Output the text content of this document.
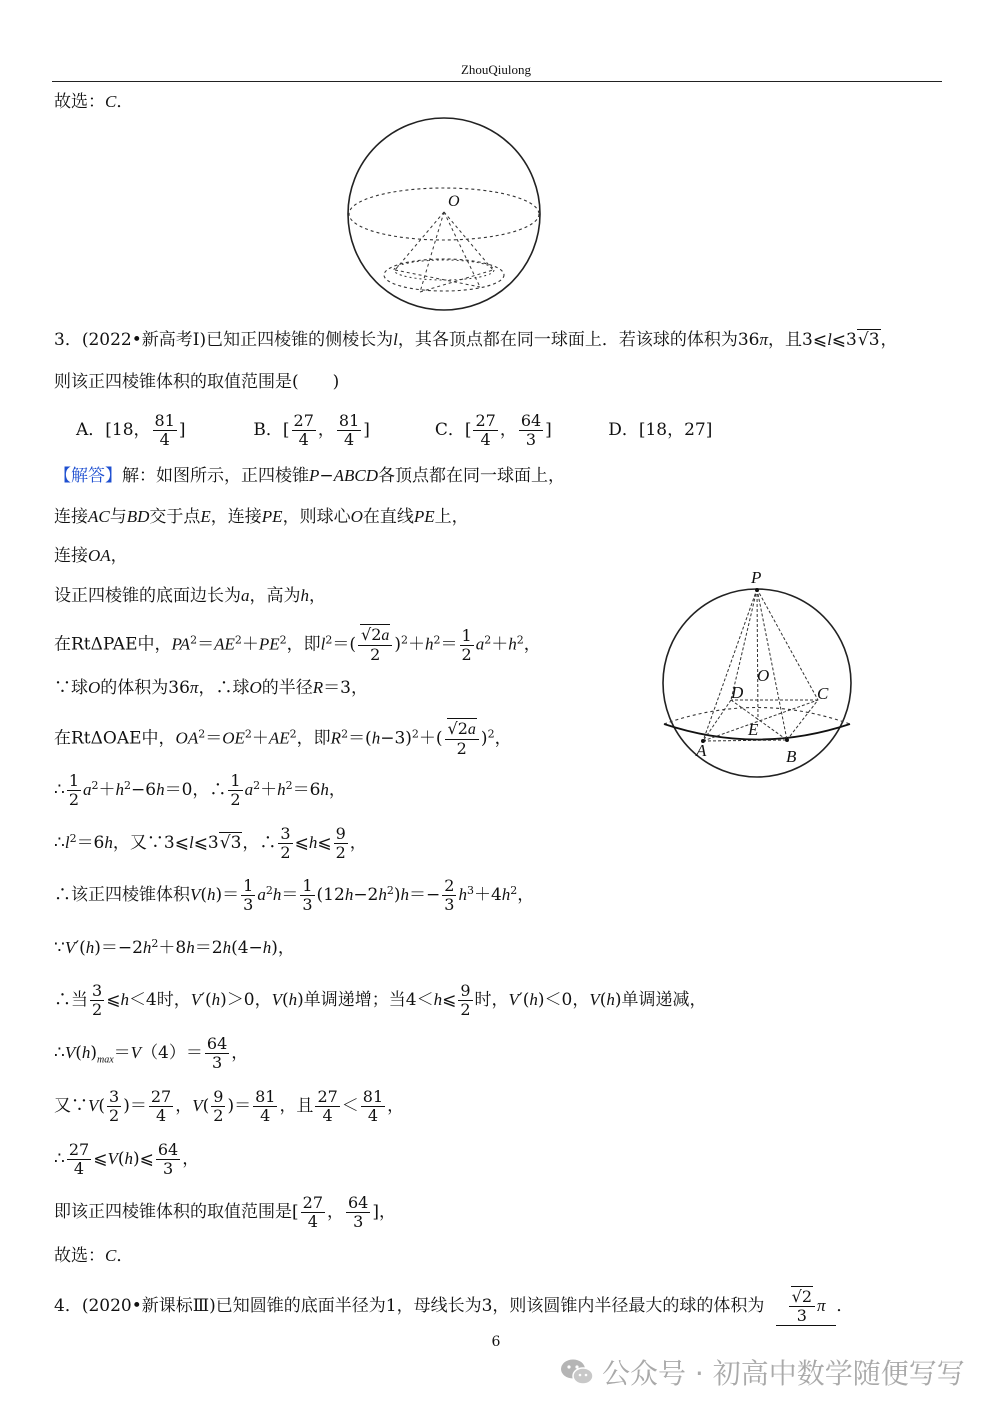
ZhouQiulong
故选：C．
O
3．(2022•新高考Ⅰ)已知正四棱锥的侧棱长为l，其各顶点都在同一球面上．若该球的体积为36π，且3⩽l⩽3√3，
则该正四棱锥体积的取值范围是(　　)
A．[18， $\frac{81}{4}$ ]	B．[ $\frac{27}{4}$ ， $\frac{81}{4}$ ]	C．[ $\frac{27}{4}$ ， $\frac{64}{3}$ ]	D．[18，27]
【解答】解：如图所示，正四棱锥P−ABCD各顶点都在同一球面上，
连接AC与BD交于点E，连接PE，则球心O在直线PE上，
连接OA，
设正四棱锥的底面边长为a，高为h，
在RtΔPAE中，$PA^2=AE^2+PE^2$，即$l^2=( \frac{√2a}{2} )^2+h^2= \frac{1}{2} a^2+h^2$，
∵球O的体积为36π，∴球O的半径R＝3，
在RtΔOAE中，$OA^2=OE^2+AE^2$，即$R^2=(h-3)^2+( \frac{√2a}{2} )^2$，
∴ $\frac{1}{2} a^2+h^2-6h=0$，∴ $\frac{1}{2} a^2+h^2=6h$，
$\therefore l^2=6h$，又∵3⩽l⩽3√3，∴ $\frac{3}{2}$ ⩽h⩽ $\frac{9}{2}$ ，
∴该正四棱锥体积$V(h)= \frac{1}{3} a^2h= \frac{1}{3} (12h-2h^2)h=- \frac{2}{3} h^3+4h^2$，
$\because V'(h)=-2h^2+8h=2h(4-h)$，
∴当 $\frac{3}{2}$ ⩽h＜4时，V′(h)＞0，V(h)单调递增；当4＜h⩽ $\frac{9}{2}$ 时，V′(h)＜0，V(h)单调递减，
$\therefore V(h)_{max}=V(4)= \frac{64}{3}$ ，
又∵V( $\frac{3}{2}$ )＝ $\frac{27}{4}$ ，$V( \frac{9}{2}$ )＝ $\frac{81}{4}$ ，且 $\frac{27}{4} < \frac{81}{4}$ ，
∴ $\frac{27}{4}$ ⩽V(h)⩽ $\frac{64}{3}$ ，
即该正四棱锥体积的取值范围是[ $\frac{27}{4}$ ， $\frac{64}{3}$ ]，
故选：C．
P
O
D	C
E
A	B
4．(2020•新课标Ⅲ)已知圆锥的底面半径为1，母线长为3，则该圆锥内半径最大的球的体积为 $\frac{√2}{3}$ π ．
6
公众号 · 初高中数学随便写写
